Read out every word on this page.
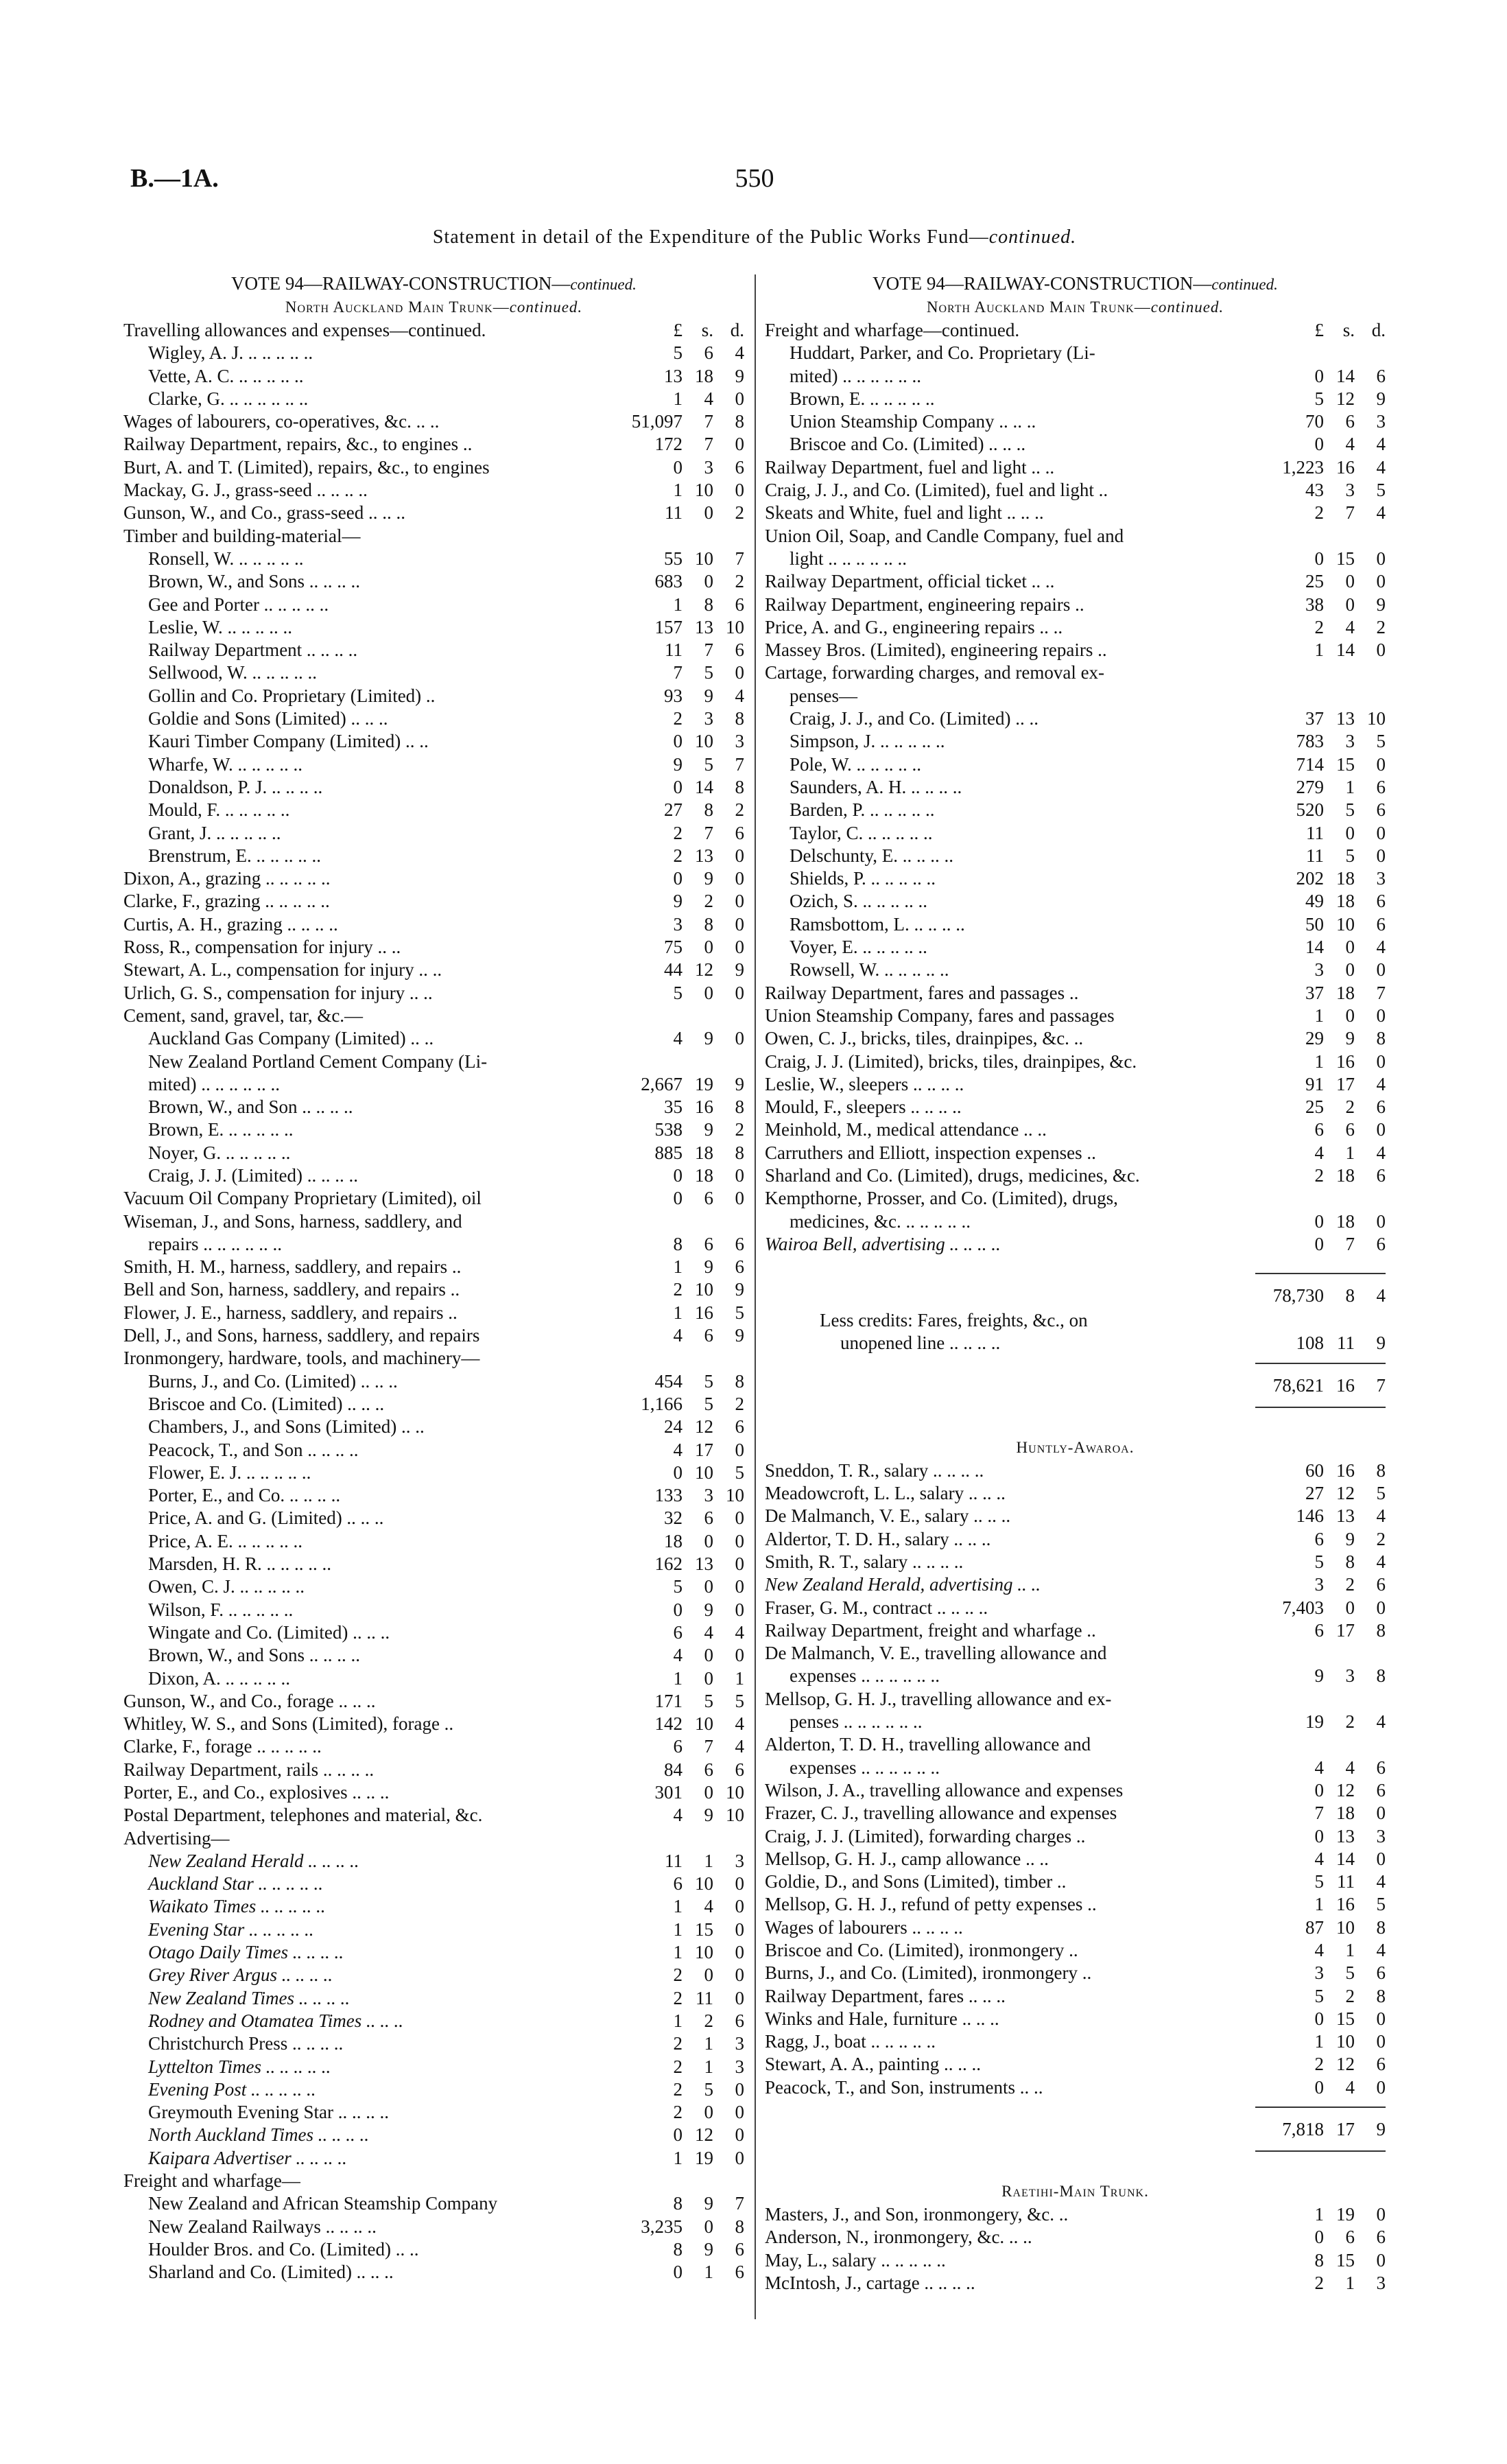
B.—1A.	550
Statement in detail of the Expenditure of the Public Works Fund—continued.
VOTE 94—RAILWAY-CONSTRUCTION—continued.
North Auckland Main Trunk—continued.
Travelling allowances and expenses—continued.	£	s. d.
Wigley, A. J. .. .. .. .. ..	5	6	4
Vette, A. C. .. .. .. .. ..	13 18	9
Clarke, G. .. .. .. .. .. ..	1	4	0
Wages of labourers, co-operatives, &c. .. ..	51,097	7	8
Railway Department, repairs, &c., to engines ..	172	7	0
Burt, A. and T. (Limited), repairs, &c., to engines	0	3	6
Mackay, G. J., grass-seed .. .. .. ..	1 10	0
Gunson, W., and Co., grass-seed .. .. ..	11	0	2
Timber and building-material—
Ronsell, W. .. .. .. .. ..	55 10	7
Brown, W., and Sons .. .. .. ..	683	0	2
Gee and Porter .. .. .. .. ..	1	8	6
Leslie, W. .. .. .. .. ..	157 13 10
Railway Department .. .. .. ..	11	7	6
Sellwood, W. .. .. .. .. ..	7	5	0
Gollin and Co. Proprietary (Limited) ..	93	9	4
Goldie and Sons (Limited) .. .. ..	2	3	8
Kauri Timber Company (Limited) .. ..	0 10	3
Wharfe, W. .. .. .. .. ..	9	5	7
Donaldson, P. J. .. .. .. ..	0 14	8
Mould, F. .. .. .. .. ..	27	8	2
Grant, J. .. .. .. .. ..	2	7	6
Brenstrum, E. .. .. .. .. ..	2 13	0
Dixon, A., grazing .. .. .. .. ..	0	9	0
Clarke, F., grazing .. .. .. .. ..	9	2	0
Curtis, A. H., grazing .. .. .. ..	3	8	0
Ross, R., compensation for injury .. ..	75	0	0
Stewart, A. L., compensation for injury .. ..	44 12	9
Urlich, G. S., compensation for injury .. ..	5	0	0
Cement, sand, gravel, tar, &c.—
Auckland Gas Company (Limited) .. ..	4	9	0
New Zealand Portland Cement Company (Li-
mited) .. .. .. .. .. ..	2,667 19	9
Brown, W., and Son .. .. .. ..	35 16	8
Brown, E. .. .. .. .. ..	538	9	2
Noyer, G. .. .. .. .. ..	885 18	8
Craig, J. J. (Limited) .. .. .. ..	0 18	0
Vacuum Oil Company Proprietary (Limited), oil	0	6	0
Wiseman, J., and Sons, harness, saddlery, and
repairs .. .. .. .. .. ..	8	6	6
Smith, H. M., harness, saddlery, and repairs ..	1	9	6
Bell and Son, harness, saddlery, and repairs ..	2 10	9
Flower, J. E., harness, saddlery, and repairs ..	1 16	5
Dell, J., and Sons, harness, saddlery, and repairs	4	6	9
Ironmongery, hardware, tools, and machinery—
Burns, J., and Co. (Limited) .. .. ..	454	5	8
Briscoe and Co. (Limited) .. .. ..	1,166	5	2
Chambers, J., and Sons (Limited) .. ..	24 12	6
Peacock, T., and Son .. .. .. ..	4 17	0
Flower, E. J. .. .. .. .. ..	0 10	5
Porter, E., and Co. .. .. .. ..	133	3 10
Price, A. and G. (Limited) .. .. ..	32	6	0
Price, A. E. .. .. .. .. ..	18	0	0
Marsden, H. R. .. .. .. .. ..	162 13	0
Owen, C. J. .. .. .. .. ..	5	0	0
Wilson, F. .. .. .. .. ..	0	9	0
Wingate and Co. (Limited) .. .. ..	6	4	4
Brown, W., and Sons .. .. .. ..	4	0	0
Dixon, A. .. .. .. .. ..	1	0	1
Gunson, W., and Co., forage .. .. ..	171	5	5
Whitley, W. S., and Sons (Limited), forage ..	142 10	4
Clarke, F., forage .. .. .. .. ..	6	7	4
Railway Department, rails .. .. .. ..	84	6	6
Porter, E., and Co., explosives .. .. ..	301	0 10
Postal Department, telephones and material, &c.	4	9 10
Advertising—
New Zealand Herald .. .. .. ..	11	1	3
Auckland Star .. .. .. .. ..	6 10	0
Waikato Times .. .. .. .. ..	1	4	0
Evening Star .. .. .. .. ..	1 15	0
Otago Daily Times .. .. .. ..	1 10	0
Grey River Argus .. .. .. ..	2	0	0
New Zealand Times .. .. .. ..	2 11	0
Rodney and Otamatea Times .. .. ..	1	2	6
Christchurch Press .. .. .. ..	2	1	3
Lyttelton Times .. .. .. .. ..	2	1	3
Evening Post .. .. .. .. ..	2	5	0
Greymouth Evening Star .. .. .. ..	2	0	0
North Auckland Times .. .. .. ..	0 12	0
Kaipara Advertiser .. .. .. ..	1 19	0
Freight and wharfage—
New Zealand and African Steamship Company	8	9	7
New Zealand Railways .. .. .. ..	3,235	0	8
Houlder Bros. and Co. (Limited) .. ..	8	9	6
Sharland and Co. (Limited) .. .. ..	0	1	6
VOTE 94—RAILWAY-CONSTRUCTION—continued.
North Auckland Main Trunk—continued.
Freight and wharfage—continued.	£	s. d.
Huddart, Parker, and Co. Proprietary (Li-
mited) .. .. .. .. .. ..	0 14	6
Brown, E. .. .. .. .. ..	5 12	9
Union Steamship Company .. .. ..	70	6	3
Briscoe and Co. (Limited) .. .. ..	0	4	4
Railway Department, fuel and light .. ..	1,223 16	4
Craig, J. J., and Co. (Limited), fuel and light ..	43	3	5
Skeats and White, fuel and light .. .. ..	2	7	4
Union Oil, Soap, and Candle Company, fuel and
light .. .. .. .. .. ..	0 15	0
Railway Department, official ticket .. ..	25	0	0
Railway Department, engineering repairs ..	38	0	9
Price, A. and G., engineering repairs .. ..	2	4	2
Massey Bros. (Limited), engineering repairs ..	1 14	0
Cartage, forwarding charges, and removal ex-
penses—
Craig, J. J., and Co. (Limited) .. ..	37 13 10
Simpson, J. .. .. .. .. ..	783	3	5
Pole, W. .. .. .. .. ..	714 15	0
Saunders, A. H. .. .. .. ..	279	1	6
Barden, P. .. .. .. .. ..	520	5	6
Taylor, C. .. .. .. .. ..	11	0	0
Delschunty, E. .. .. .. ..	11	5	0
Shields, P. .. .. .. .. ..	202 18	3
Ozich, S. .. .. .. .. ..	49 18	6
Ramsbottom, L. .. .. .. ..	50 10	6
Voyer, E. .. .. .. .. ..	14	0	4
Rowsell, W. .. .. .. .. ..	3	0	0
Railway Department, fares and passages ..	37 18	7
Union Steamship Company, fares and passages	1	0	0
Owen, C. J., bricks, tiles, drainpipes, &c. ..	29	9	8
Craig, J. J. (Limited), bricks, tiles, drainpipes, &c.	1 16	0
Leslie, W., sleepers .. .. .. ..	91 17	4
Mould, F., sleepers .. .. .. ..	25	2	6
Meinhold, M., medical attendance .. ..	6	6	0
Carruthers and Elliott, inspection expenses ..	4	1	4
Sharland and Co. (Limited), drugs, medicines, &c.	2 18	6
Kempthorne, Prosser, and Co. (Limited), drugs,
medicines, &c. .. .. .. .. ..	0 18	0
Wairoa Bell, advertising .. .. .. ..	0	7	6
78,730	8	4
Less credits: Fares, freights, &c., on
unopened line .. .. .. ..	108 11	9
78,621 16	7
Huntly-Awaroa.
Sneddon, T. R., salary .. .. .. ..	60 16	8
Meadowcroft, L. L., salary .. .. ..	27 12	5
De Malmanch, V. E., salary .. .. ..	146 13	4
Aldertor, T. D. H., salary .. .. ..	6	9	2
Smith, R. T., salary .. .. .. ..	5	8	4
New Zealand Herald, advertising .. ..	3	2	6
Fraser, G. M., contract .. .. .. ..	7,403	0	0
Railway Department, freight and wharfage ..	6 17	8
De Malmanch, V. E., travelling allowance and
expenses .. .. .. .. .. ..	9	3	8
Mellsop, G. H. J., travelling allowance and ex-
penses .. .. .. .. .. ..	19	2	4
Alderton, T. D. H., travelling allowance and
expenses .. .. .. .. .. ..	4	4	6
Wilson, J. A., travelling allowance and expenses	0 12	6
Frazer, C. J., travelling allowance and expenses	7 18	0
Craig, J. J. (Limited), forwarding charges ..	0 13	3
Mellsop, G. H. J., camp allowance .. ..	4 14	0
Goldie, D., and Sons (Limited), timber ..	5 11	4
Mellsop, G. H. J., refund of petty expenses ..	1 16	5
Wages of labourers .. .. .. ..	87 10	8
Briscoe and Co. (Limited), ironmongery ..	4	1	4
Burns, J., and Co. (Limited), ironmongery ..	3	5	6
Railway Department, fares .. .. ..	5	2	8
Winks and Hale, furniture .. .. ..	0 15	0
Ragg, J., boat .. .. .. .. ..	1 10	0
Stewart, A. A., painting .. .. ..	2 12	6
Peacock, T., and Son, instruments .. ..	0	4	0
7,818 17	9
Raetihi-Main Trunk.
Masters, J., and Son, ironmongery, &c. ..	1 19	0
Anderson, N., ironmongery, &c. .. ..	0	6	6
May, L., salary .. .. .. .. ..	8 15	0
McIntosh, J., cartage .. .. .. ..	2	1	3
